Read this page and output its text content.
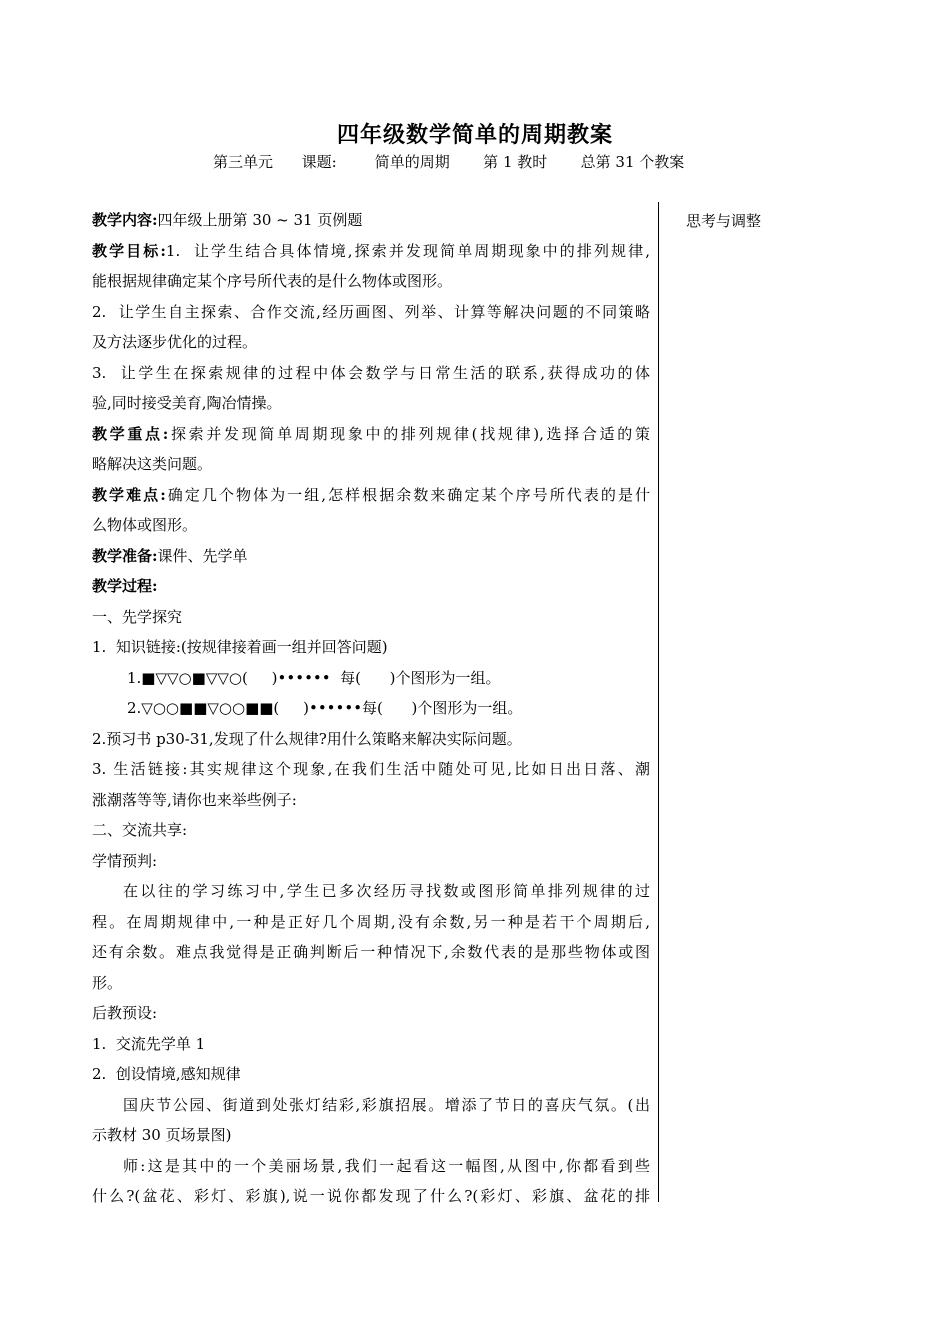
四年级数学简单的周期教案
第三单元      课题:        简单的周期       第 1 教时       总第 31 个教案
思考与调整
教学内容:四年级上册第 30 ~ 31 页例题
教学目标:1.  让学生结合具体情境,探索并发现简单周期现象中的排列规律,
能根据规律确定某个序号所代表的是什么物体或图形。
2.  让学生自主探索、合作交流,经历画图、列举、计算等解决问题的不同策略
及方法逐步优化的过程。
3.  让学生在探索规律的过程中体会数学与日常生活的联系,获得成功的体
验,同时接受美育,陶冶情操。
教学重点:探索并发现简单周期现象中的排列规律(找规律),选择合适的策
略解决这类问题。
教学难点:确定几个物体为一组,怎样根据余数来确定某个序号所代表的是什
么物体或图形。
教学准备:课件、先学单
教学过程:
一、先学探究
1.  知识链接:(按规律接着画一组并回答问题)
1.■▽▽○■▽▽○(     )••••••  每(      )个图形为一组。
2.▽○○■■▽○○■■(     )••••••每(      )个图形为一组。
2.预习书 p30-31,发现了什么规律?用什么策略来解决实际问题。
3. 生活链接:其实规律这个现象,在我们生活中随处可见,比如日出日落、潮
涨潮落等等,请你也来举些例子:
二、交流共享:
学情预判:
在以往的学习练习中,学生已多次经历寻找数或图形简单排列规律的过
程。在周期规律中,一种是正好几个周期,没有余数,另一种是若干个周期后,
还有余数。难点我觉得是正确判断后一种情况下,余数代表的是那些物体或图
形。
后教预设:
1.  交流先学单 1
2.  创设情境,感知规律
国庆节公园、街道到处张灯结彩,彩旗招展。增添了节日的喜庆气氛。(出
示教材 30 页场景图)
师:这是其中的一个美丽场景,我们一起看这一幅图,从图中,你都看到些
什么?(盆花、彩灯、彩旗),说一说你都发现了什么?(彩灯、彩旗、盆花的排
